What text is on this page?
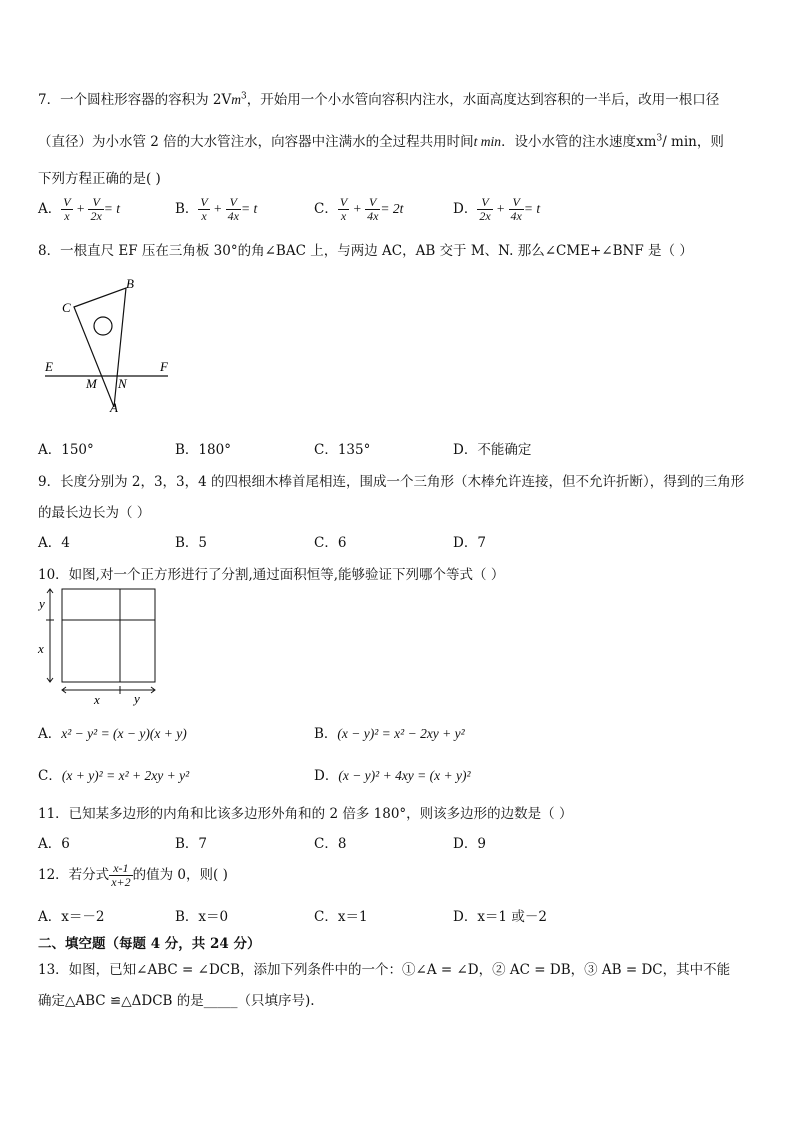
7．一个圆柱形容器的容积为 2Vm$^3$，开始用一个小水管向容积内注水，水面高度达到容积的一半后，改用一根口径
（直径）为小水管 2 倍的大水管注水，向容器中注满水的全过程共用时间t min．设小水管的注水速度$xm^3/$ min，则
下列方程正确的是( )
A． $\frac{V}{x} + \frac{V}{2x} = t$	B． $\frac{V}{x} + \frac{V}{4x} = t$	C． $\frac{V}{x} + \frac{V}{4x} = 2t$	D． $\frac{V}{2x} + \frac{V}{4x} = t$
8．一根直尺 EF 压在三角板 30°的角∠BAC 上，与两边 AC，AB 交于 M、N. 那么∠CME+∠BNF 是（ ）
C
B
E	F
M N
A
A．150°	B．180°	C．135°	D．不能确定
9．长度分别为 2，3，3，4 的四根细木棒首尾相连，围成一个三角形（木棒允许连接，但不允许折断），得到的三角形
的最长边长为（ ）
A．4	B．5	C．6	D．7
10．如图,对一个正方形进行了分割,通过面积恒等,能够验证下列哪个等式（ ）
y
x
x	y
A．x² − y² = (x − y)(x + y)	B．(x − y)² = x² − 2xy + y²
C．(x + y)² = x² + 2xy + y²	D．(x − y)² + 4xy = (x + y)²
11．已知某多边形的内角和比该多边形外角和的 2 倍多 180°，则该多边形的边数是（ ）
A．6	B．7	C．8	D．9
12．若分式 $\frac{x-1}{x+2}$ 的值为 0，则( )
A．x＝－2	B．x＝0	C．x＝1	D．x＝1 或－2
二、填空题（每题 4 分，共 24 分）
13．如图，已知∠ABC = ∠DCB，添加下列条件中的一个：①∠A = ∠D，② AC = DB，③ AB = DC，其中不能
确定△ABC ≌△ΔDCB 的是_____（只填序号).
